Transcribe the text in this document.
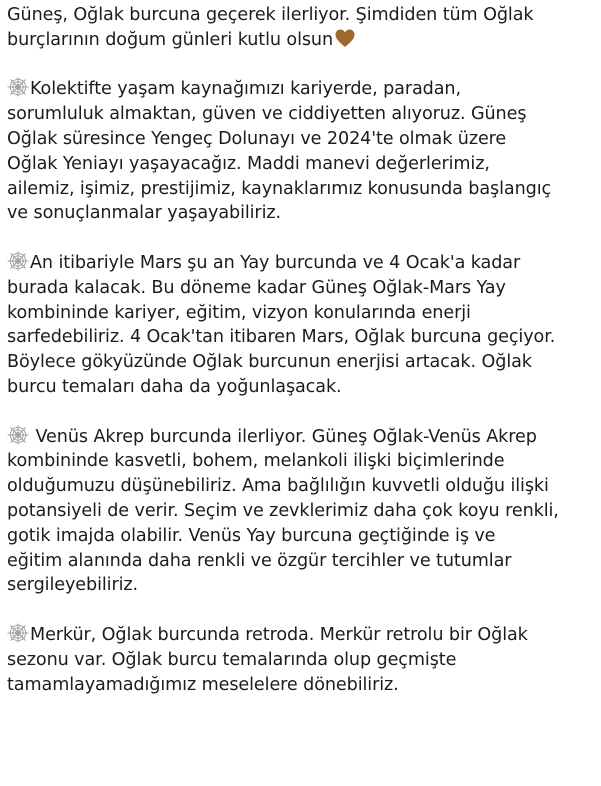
Güneş, Oğlak burcuna geçerek ilerliyor. Şimdiden tüm Oğlak
burçlarının doğum günleri kutlu olsun

Kolektifte yaşam kaynağımızı kariyerde, paradan,
sorumluluk almaktan, güven ve ciddiyetten alıyoruz. Güneş
Oğlak süresince Yengeç Dolunayı ve 2024'te olmak üzere
Oğlak Yeniayı yaşayacağız. Maddi manevi değerlerimiz,
ailemiz, işimiz, prestijimiz, kaynaklarımız konusunda başlangıç
ve sonuçlanmalar yaşayabiliriz.

An itibariyle Mars şu an Yay burcunda ve 4 Ocak'a kadar
burada kalacak. Bu döneme kadar Güneş Oğlak-Mars Yay
kombininde kariyer, eğitim, vizyon konularında enerji
sarfedebiliriz. 4 Ocak'tan itibaren Mars, Oğlak burcuna geçiyor.
Böylece gökyüzünde Oğlak burcunun enerjisi artacak. Oğlak
burcu temaları daha da yoğunlaşacak.

Venüs Akrep burcunda ilerliyor. Güneş Oğlak-Venüs Akrep
kombininde kasvetli, bohem, melankoli ilişki biçimlerinde
olduğumuzu düşünebiliriz. Ama bağlılığın kuvvetli olduğu ilişki
potansiyeli de verir. Seçim ve zevklerimiz daha çok koyu renkli,
gotik imajda olabilir. Venüs Yay burcuna geçtiğinde iş ve
eğitim alanında daha renkli ve özgür tercihler ve tutumlar
sergileyebiliriz.

Merkür, Oğlak burcunda retroda. Merkür retrolu bir Oğlak
sezonu var. Oğlak burcu temalarında olup geçmişte
tamamlayamadığımız meselelere dönebiliriz.
